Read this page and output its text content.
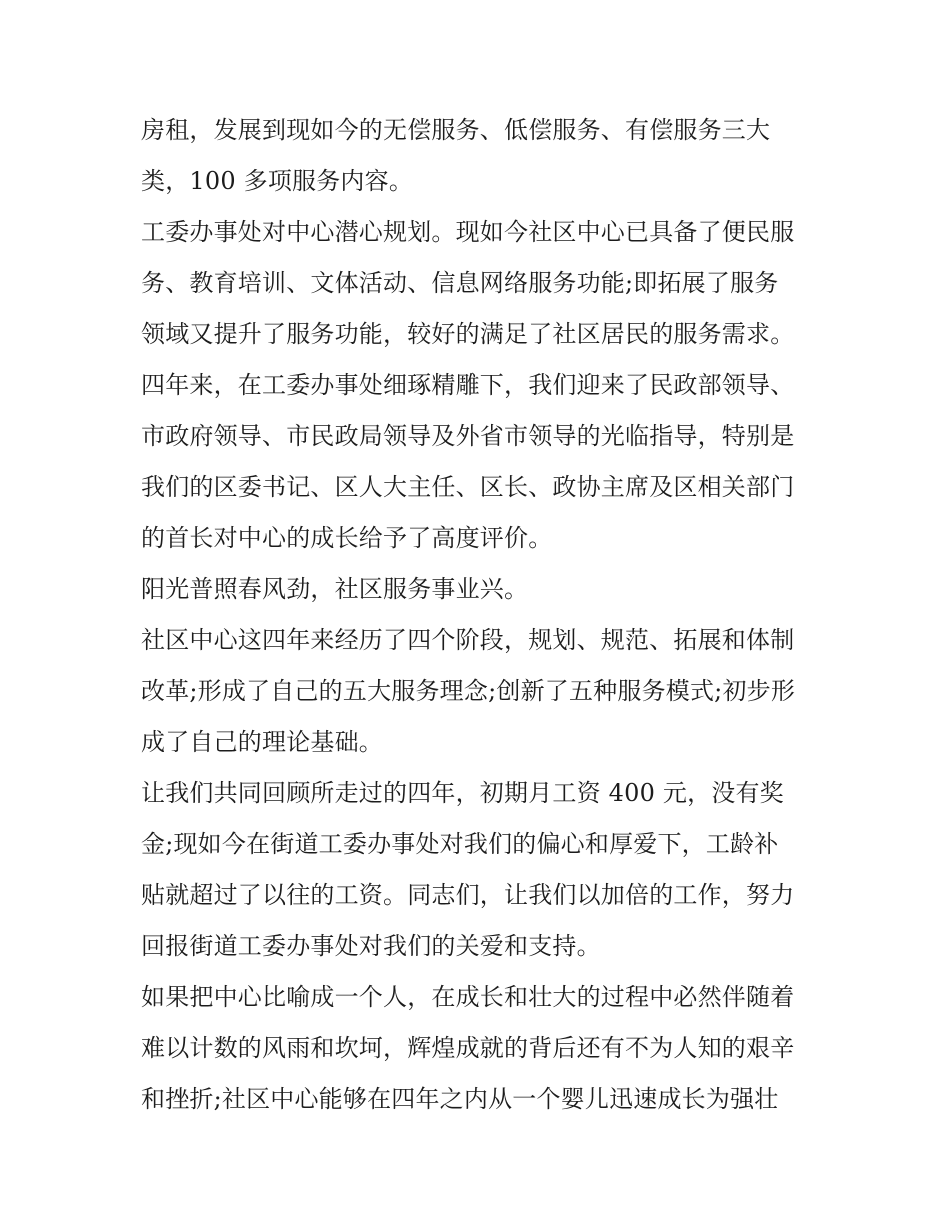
房租，发展到现如今的无偿服务、低偿服务、有偿服务三大
类，100 多项服务内容。
工委办事处对中心潜心规划。现如今社区中心已具备了便民服
务、教育培训、文体活动、信息网络服务功能;即拓展了服务
领域又提升了服务功能，较好的满足了社区居民的服务需求。
四年来，在工委办事处细琢精雕下，我们迎来了民政部领导、
市政府领导、市民政局领导及外省市领导的光临指导，特别是
我们的区委书记、区人大主任、区长、政协主席及区相关部门
的首长对中心的成长给予了高度评价。
阳光普照春风劲，社区服务事业兴。
社区中心这四年来经历了四个阶段，规划、规范、拓展和体制
改革;形成了自己的五大服务理念;创新了五种服务模式;初步形
成了自己的理论基础。
让我们共同回顾所走过的四年，初期月工资 400 元，没有奖
金;现如今在街道工委办事处对我们的偏心和厚爱下，工龄补
贴就超过了以往的工资。同志们，让我们以加倍的工作，努力
回报街道工委办事处对我们的关爱和支持。
如果把中心比喻成一个人，在成长和壮大的过程中必然伴随着
难以计数的风雨和坎坷，辉煌成就的背后还有不为人知的艰辛
和挫折;社区中心能够在四年之内从一个婴儿迅速成长为强壮
